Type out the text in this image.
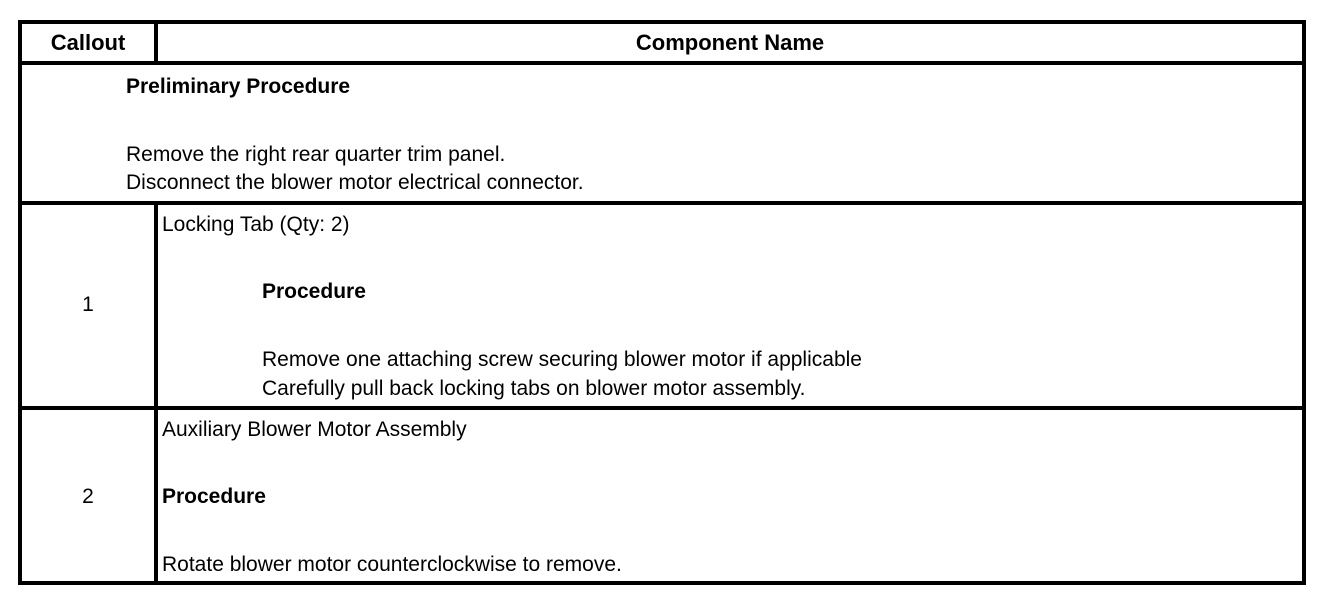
Callout	Component Name
Preliminary Procedure
Remove the right rear quarter trim panel.
Disconnect the blower motor electrical connector.
1
Locking Tab (Qty: 2)
Procedure
Remove one attaching screw securing blower motor if applicable
Carefully pull back locking tabs on blower motor assembly.
2
Auxiliary Blower Motor Assembly
Procedure
Rotate blower motor counterclockwise to remove.
